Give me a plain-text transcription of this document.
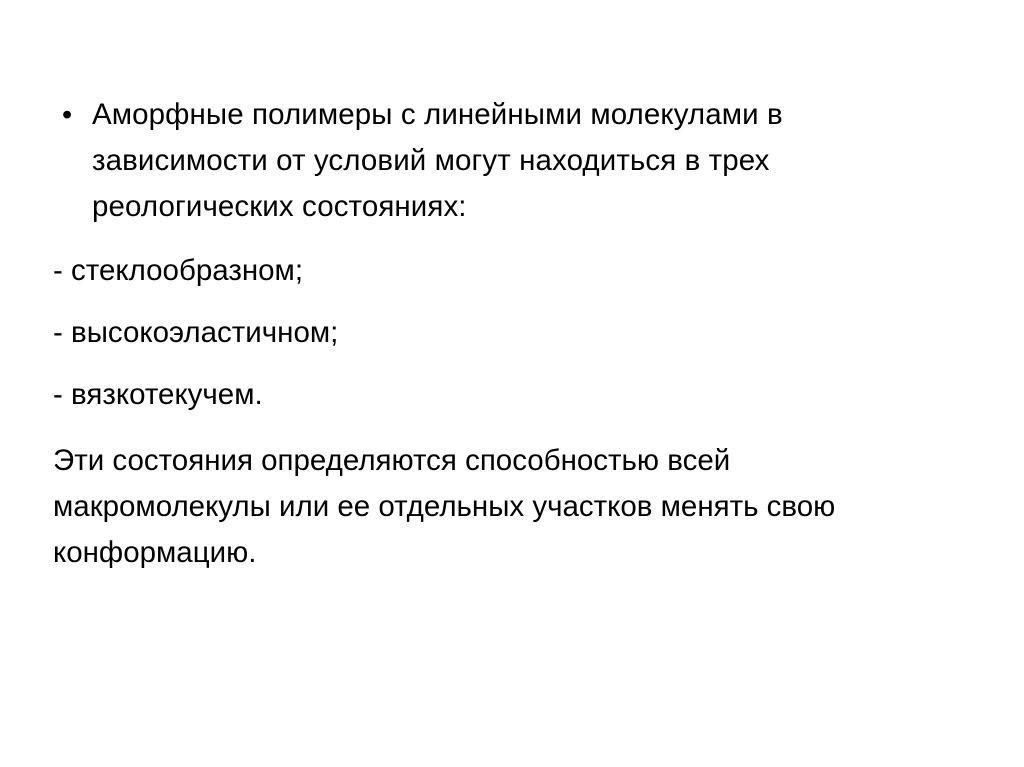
• Аморфные полимеры с линейными молекулами в зависимости от условий могут находиться в трех реологических состояниях:
- стеклообразном;
- высокоэластичном;
- вязкотекучем.
Эти состояния определяются способностью всей макромолекулы или ее отдельных участков менять свою конформацию.
